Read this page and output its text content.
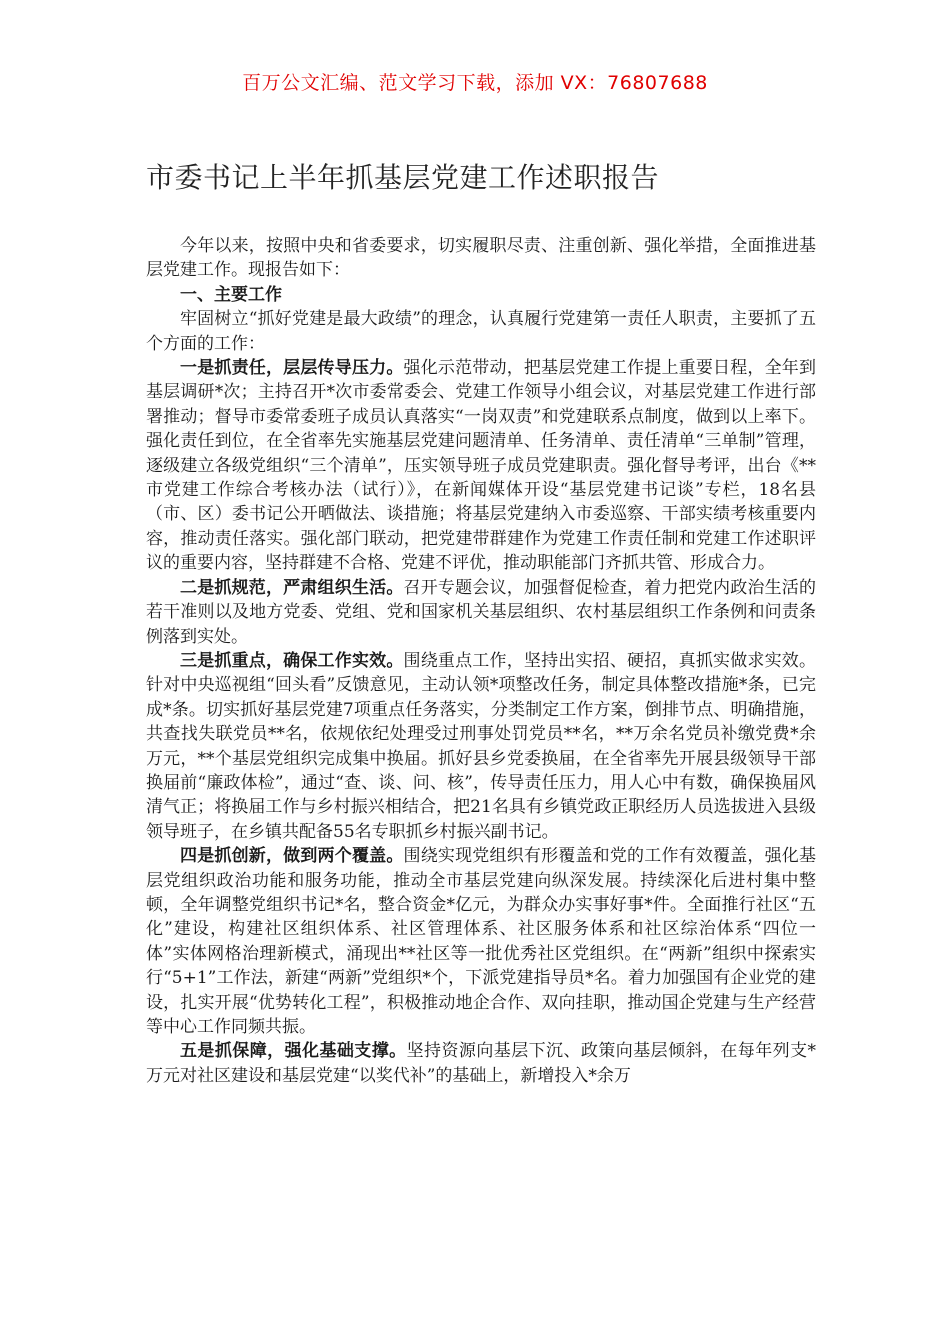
百万公文汇编、范文学习下载，添加 VX：76807688
市委书记上半年抓基层党建工作述职报告

今年以来，按照中央和省委要求，切实履职尽责、注重创新、强化举措，全面推进基层党建工作。现报告如下：

一、主要工作

牢固树立“抓好党建是最大政绩”的理念，认真履行党建第一责任人职责，主要抓了五个方面的工作：

一是抓责任，层层传导压力。强化示范带动，把基层党建工作提上重要日程，全年到基层调研*次；主持召开*次市委常委会、党建工作领导小组会议，对基层党建工作进行部署推动；督导市委常委班子成员认真落实“一岗双责”和党建联系点制度，做到以上率下。强化责任到位，在全省率先实施基层党建问题清单、任务清单、责任清单“三单制”管理，逐级建立各级党组织“三个清单”，压实领导班子成员党建职责。强化督导考评，出台《**市党建工作综合考核办法（试行）》，在新闻媒体开设“基层党建书记谈”专栏，18名县（市、区）委书记公开晒做法、谈措施；将基层党建纳入市委巡察、干部实绩考核重要内容，推动责任落实。强化部门联动，把党建带群建作为党建工作责任制和党建工作述职评议的重要内容，坚持群建不合格、党建不评优，推动职能部门齐抓共管、形成合力。

二是抓规范，严肃组织生活。召开专题会议，加强督促检查，着力把党内政治生活的若干准则以及地方党委、党组、党和国家机关基层组织、农村基层组织工作条例和问责条例落到实处。

三是抓重点，确保工作实效。围绕重点工作，坚持出实招、硬招，真抓实做求实效。针对中央巡视组“回头看”反馈意见，主动认领*项整改任务，制定具体整改措施*条，已完成*条。切实抓好基层党建7项重点任务落实，分类制定工作方案，倒排节点、明确措施，共查找失联党员**名，依规依纪处理受过刑事处罚党员**名，**万余名党员补缴党费*余万元，**个基层党组织完成集中换届。抓好县乡党委换届，在全省率先开展县级领导干部换届前“廉政体检”，通过“查、谈、问、核”，传导责任压力，用人心中有数，确保换届风清气正；将换届工作与乡村振兴相结合，把21名具有乡镇党政正职经历人员选拔进入县级领导班子，在乡镇共配备55名专职抓乡村振兴副书记。

四是抓创新，做到两个覆盖。围绕实现党组织有形覆盖和党的工作有效覆盖，强化基层党组织政治功能和服务功能，推动全市基层党建向纵深发展。持续深化后进村集中整顿，全年调整党组织书记*名，整合资金*亿元，为群众办实事好事*件。全面推行社区“五化”建设，构建社区组织体系、社区管理体系、社区服务体系和社区综治体系“四位一体”实体网格治理新模式，涌现出**社区等一批优秀社区党组织。在“两新”组织中探索实行“5+1”工作法，新建“两新”党组织*个，下派党建指导员*名。着力加强国有企业党的建设，扎实开展“优势转化工程”，积极推动地企合作、双向挂职，推动国企党建与生产经营等中心工作同频共振。

五是抓保障，强化基础支撑。坚持资源向基层下沉、政策向基层倾斜，在每年列支*万元对社区建设和基层党建“以奖代补”的基础上，新增投入*余万
